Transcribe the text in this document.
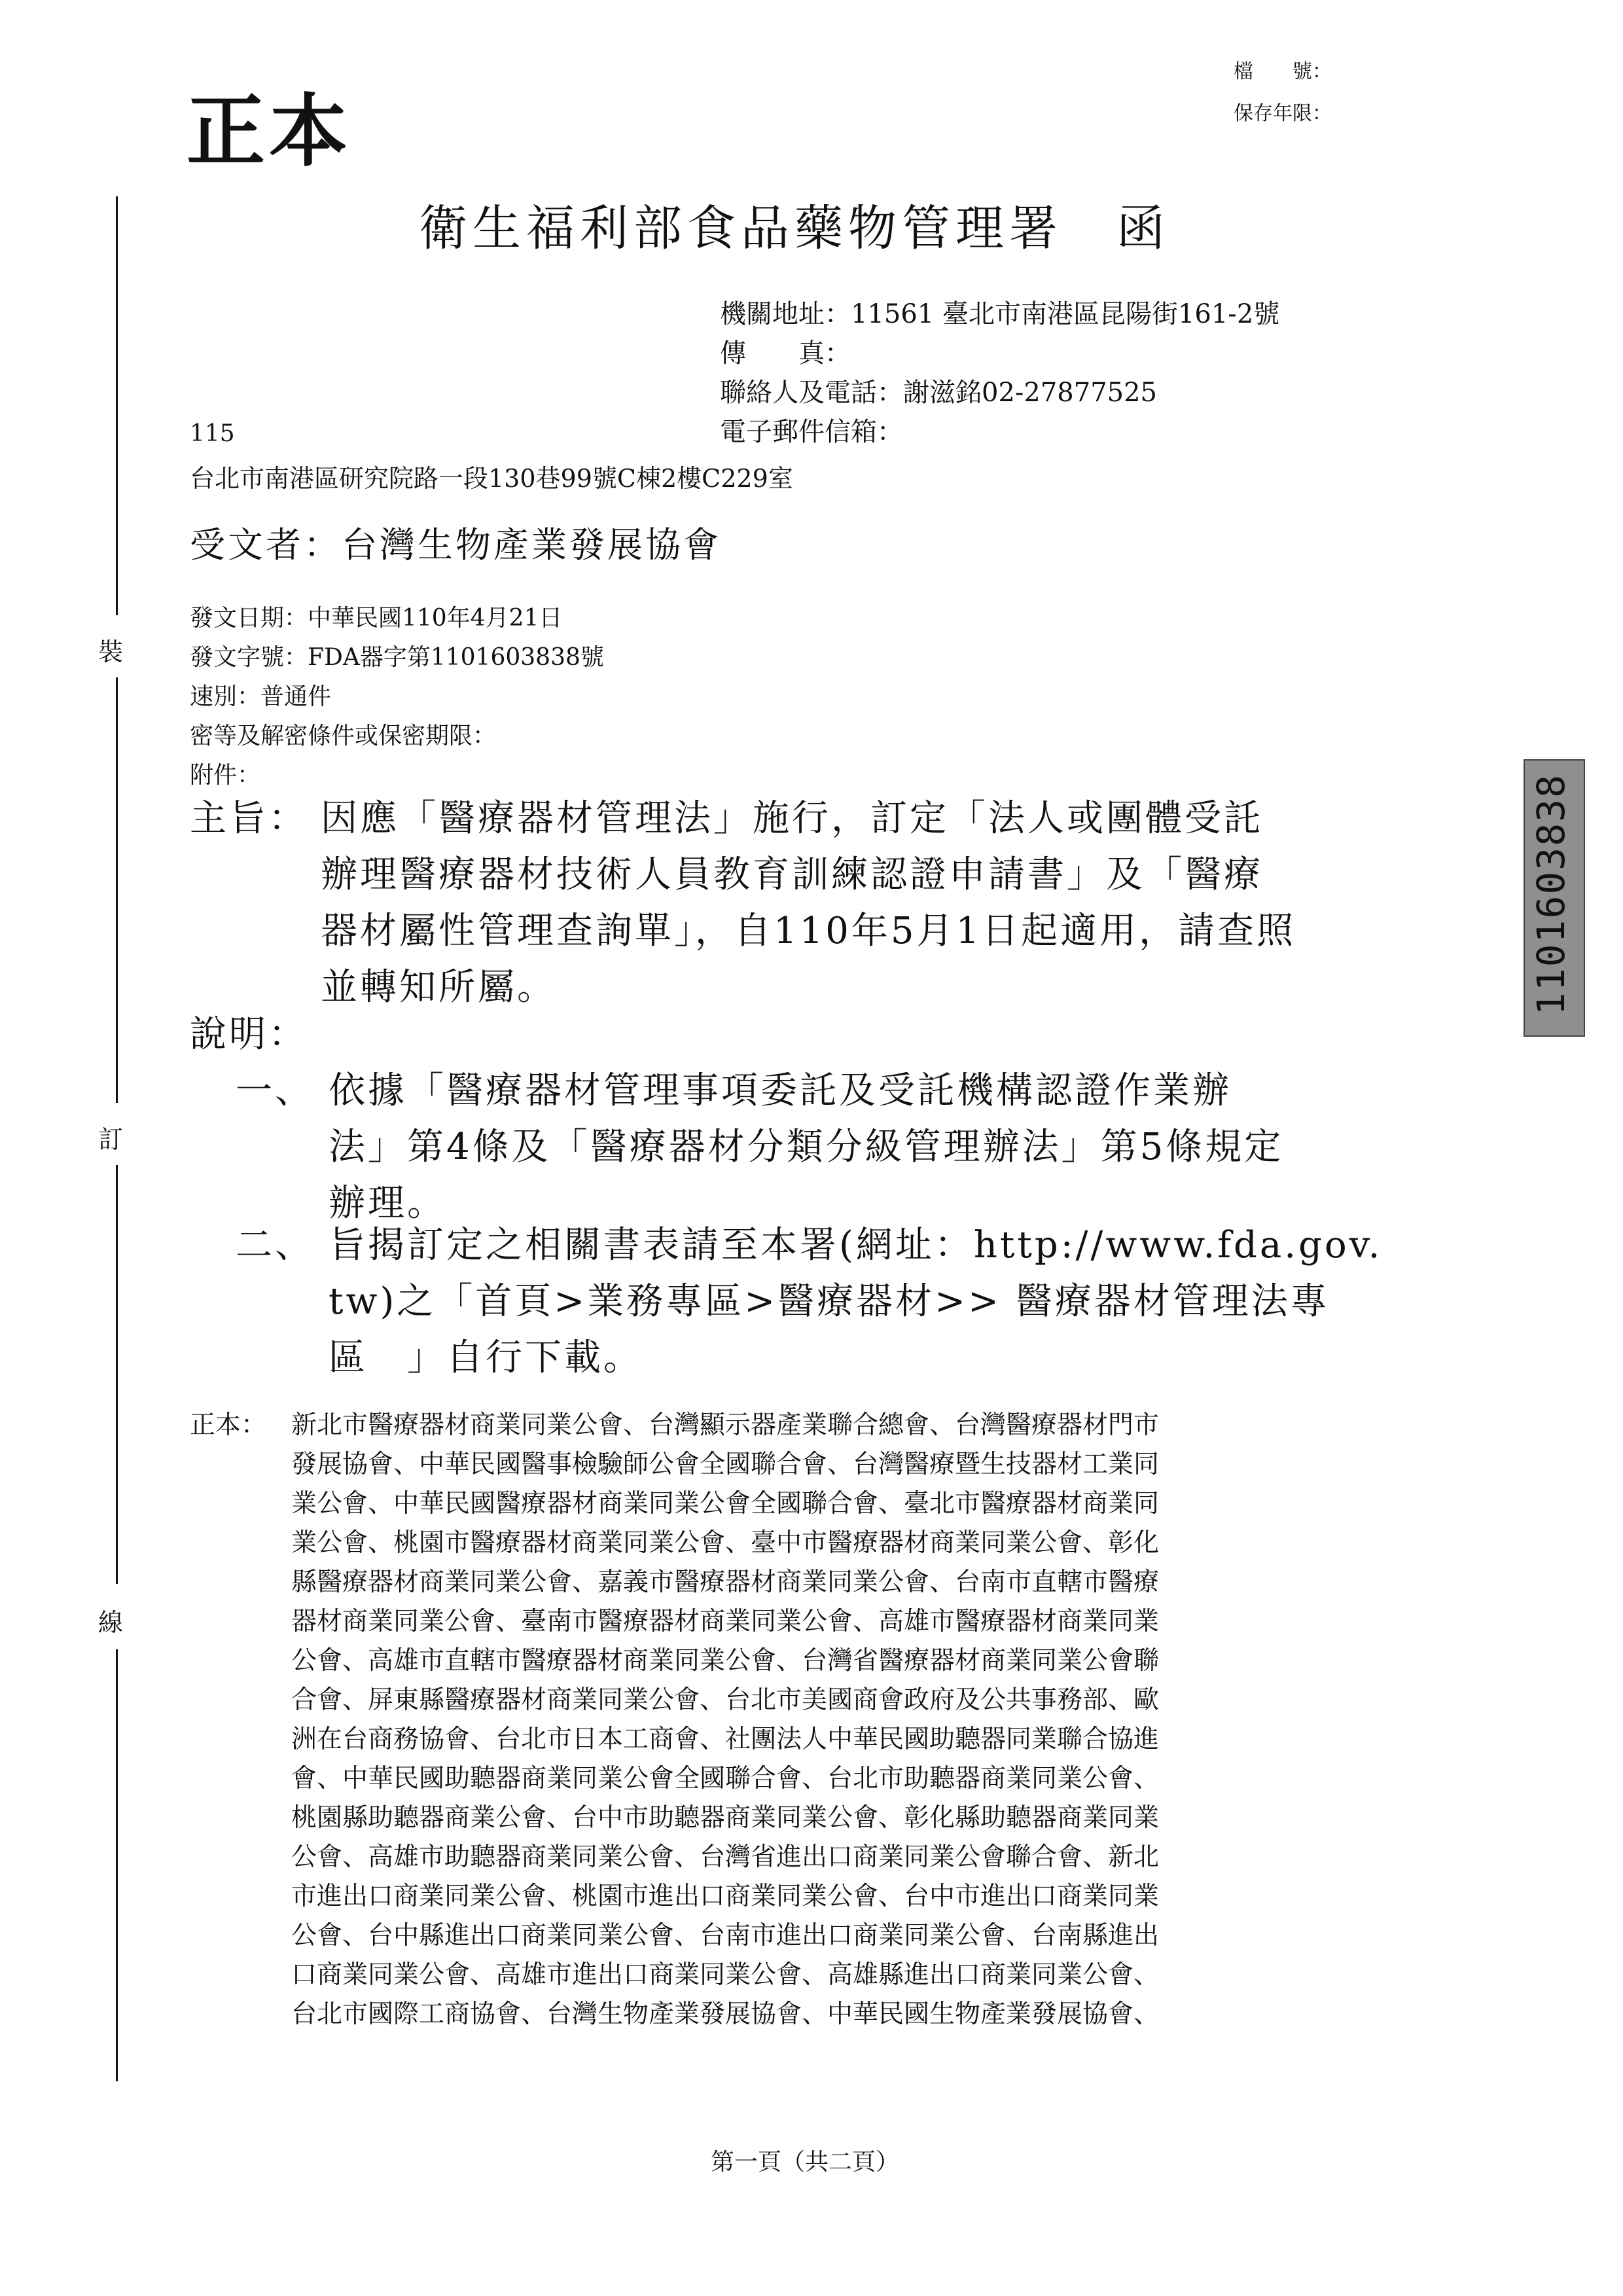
檔　　號：
保存年限：
正本
裝
訂
線
衛生福利部食品藥物管理署　函
機關地址：11561 臺北市南港區昆陽街161-2號
傳　　真：
聯絡人及電話：謝滋銘02-27877525
電子郵件信箱：
115
台北市南港區研究院路一段130巷99號C棟2樓C229室
受文者：台灣生物產業發展協會
發文日期：中華民國110年4月21日
發文字號：FDA器字第1101603838號
速別：普通件
密等及解密條件或保密期限：
附件：
主旨： 因應「醫療器材管理法」施行，訂定「法人或團體受託
辦理醫療器材技術人員教育訓練認證申請書」及「醫療
器材屬性管理查詢單」，自110年5月1日起適用，請查照
並轉知所屬。
說明：
一、 依據「醫療器材管理事項委託及受託機構認證作業辦
法」第4條及「醫療器材分類分級管理辦法」第5條規定
辦理。
二、 旨揭訂定之相關書表請至本署(網址：http://www.fda.gov.
tw)之「首頁>業務專區>醫療器材>> 醫療器材管理法專
區　」自行下載。
正本： 新北市醫療器材商業同業公會、台灣顯示器產業聯合總會、台灣醫療器材門市
發展協會、中華民國醫事檢驗師公會全國聯合會、台灣醫療暨生技器材工業同
業公會、中華民國醫療器材商業同業公會全國聯合會、臺北市醫療器材商業同
業公會、桃園市醫療器材商業同業公會、臺中市醫療器材商業同業公會、彰化
縣醫療器材商業同業公會、嘉義市醫療器材商業同業公會、台南市直轄市醫療
器材商業同業公會、臺南市醫療器材商業同業公會、高雄市醫療器材商業同業
公會、高雄市直轄市醫療器材商業同業公會、台灣省醫療器材商業同業公會聯
合會、屏東縣醫療器材商業同業公會、台北市美國商會政府及公共事務部、歐
洲在台商務協會、台北市日本工商會、社團法人中華民國助聽器同業聯合協進
會、中華民國助聽器商業同業公會全國聯合會、台北市助聽器商業同業公會、
桃園縣助聽器商業公會、台中市助聽器商業同業公會、彰化縣助聽器商業同業
公會、高雄市助聽器商業同業公會、台灣省進出口商業同業公會聯合會、新北
市進出口商業同業公會、桃園市進出口商業同業公會、台中市進出口商業同業
公會、台中縣進出口商業同業公會、台南市進出口商業同業公會、台南縣進出
口商業同業公會、高雄市進出口商業同業公會、高雄縣進出口商業同業公會、
台北市國際工商協會、台灣生物產業發展協會、中華民國生物產業發展協會、
1101603838
第一頁（共二頁）
